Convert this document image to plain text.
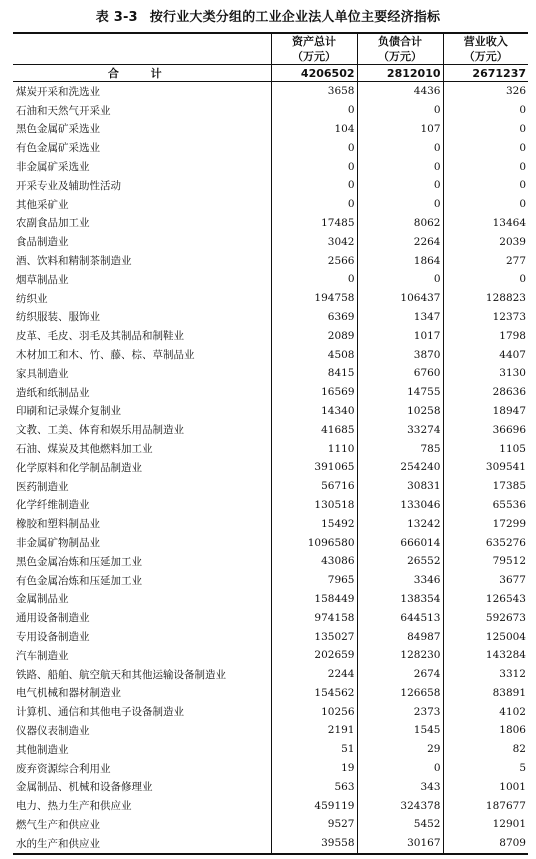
表 3-3 按行业大类分组的工业企业法人单位主要经济指标
	资产总计	负债合计	营业收入
	（万元）	（万元）	（万元）
合 计	4206502	2812010	2671237
煤炭开采和洗选业	3658	4436	326
石油和天然气开采业	0	0	0
黑色金属矿采选业	104	107	0
有色金属矿采选业	0	0	0
非金属矿采选业	0	0	0
开采专业及辅助性活动	0	0	0
其他采矿业	0	0	0
农副食品加工业	17485	8062	13464
食品制造业	3042	2264	2039
酒、饮料和精制茶制造业	2566	1864	277
烟草制品业	0	0	0
纺织业	194758	106437	128823
纺织服装、服饰业	6369	1347	12373
皮革、毛皮、羽毛及其制品和制鞋业	2089	1017	1798
木材加工和木、竹、藤、棕、草制品业	4508	3870	4407
家具制造业	8415	6760	3130
造纸和纸制品业	16569	14755	28636
印刷和记录媒介复制业	14340	10258	18947
文教、工美、体育和娱乐用品制造业	41685	33274	36696
石油、煤炭及其他燃料加工业	1110	785	1105
化学原料和化学制品制造业	391065	254240	309541
医药制造业	56716	30831	17385
化学纤维制造业	130518	133046	65536
橡胶和塑料制品业	15492	13242	17299
非金属矿物制品业	1096580	666014	635276
黑色金属冶炼和压延加工业	43086	26552	79512
有色金属冶炼和压延加工业	7965	3346	3677
金属制品业	158449	138354	126543
通用设备制造业	974158	644513	592673
专用设备制造业	135027	84987	125004
汽车制造业	202659	128230	143284
铁路、船舶、航空航天和其他运输设备制造业	2244	2674	3312
电气机械和器材制造业	154562	126658	83891
计算机、通信和其他电子设备制造业	10256	2373	4102
仪器仪表制造业	2191	1545	1806
其他制造业	51	29	82
废弃资源综合利用业	19	0	5
金属制品、机械和设备修理业	563	343	1001
电力、热力生产和供应业	459119	324378	187677
燃气生产和供应业	9527	5452	12901
水的生产和供应业	39558	30167	8709
